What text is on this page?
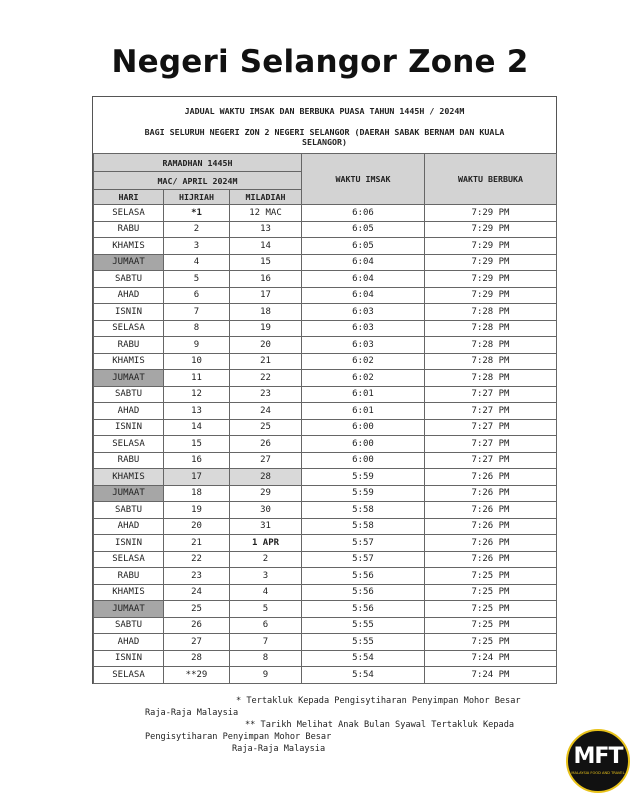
Negeri Selangor Zone 2
JADUAL WAKTU IMSAK DAN BERBUKA PUASA TAHUN 1445H / 2024M
BAGI SELURUH NEGERI ZON 2 NEGERI SELANGOR (DAERAH SABAK BERNAM DAN KUALA
SELANGOR)
RAMADHAN 1445H			WAKTU IMSAK	WAKTU BERBUKA
MAC/ APRIL 2024M				
HARI	HIJRIAH	MILADIAH		
SELASA	*1	12 MAC	6:06	7:29 PM
RABU	2	13	6:05	7:29 PM
KHAMIS	3	14	6:05	7:29 PM
JUMAAT	4	15	6:04	7:29 PM
SABTU	5	16	6:04	7:29 PM
AHAD	6	17	6:04	7:29 PM
ISNIN	7	18	6:03	7:28 PM
SELASA	8	19	6:03	7:28 PM
RABU	9	20	6:03	7:28 PM
KHAMIS	10	21	6:02	7:28 PM
JUMAAT	11	22	6:02	7:28 PM
SABTU	12	23	6:01	7:27 PM
AHAD	13	24	6:01	7:27 PM
ISNIN	14	25	6:00	7:27 PM
SELASA	15	26	6:00	7:27 PM
RABU	16	27	6:00	7:27 PM
KHAMIS	17	28	5:59	7:26 PM
JUMAAT	18	29	5:59	7:26 PM
SABTU	19	30	5:58	7:26 PM
AHAD	20	31	5:58	7:26 PM
ISNIN	21	1 APR	5:57	7:26 PM
SELASA	22	2	5:57	7:26 PM
RABU	23	3	5:56	7:25 PM
KHAMIS	24	4	5:56	7:25 PM
JUMAAT	25	5	5:56	7:25 PM
SABTU	26	6	5:55	7:25 PM
AHAD	27	7	5:55	7:25 PM
ISNIN	28	8	5:54	7:24 PM
SELASA	**29	9	5:54	7:24 PM
* Tertakluk Kepada Pengisytiharan Penyimpan Mohor Besar
Raja-Raja Malaysia
** Tarikh Melihat Anak Bulan Syawal Tertakluk Kepada
Pengisytiharan Penyimpan Mohor Besar
Raja-Raja Malaysia	MFT
MALAYSIA FOOD AND TRAVEL
